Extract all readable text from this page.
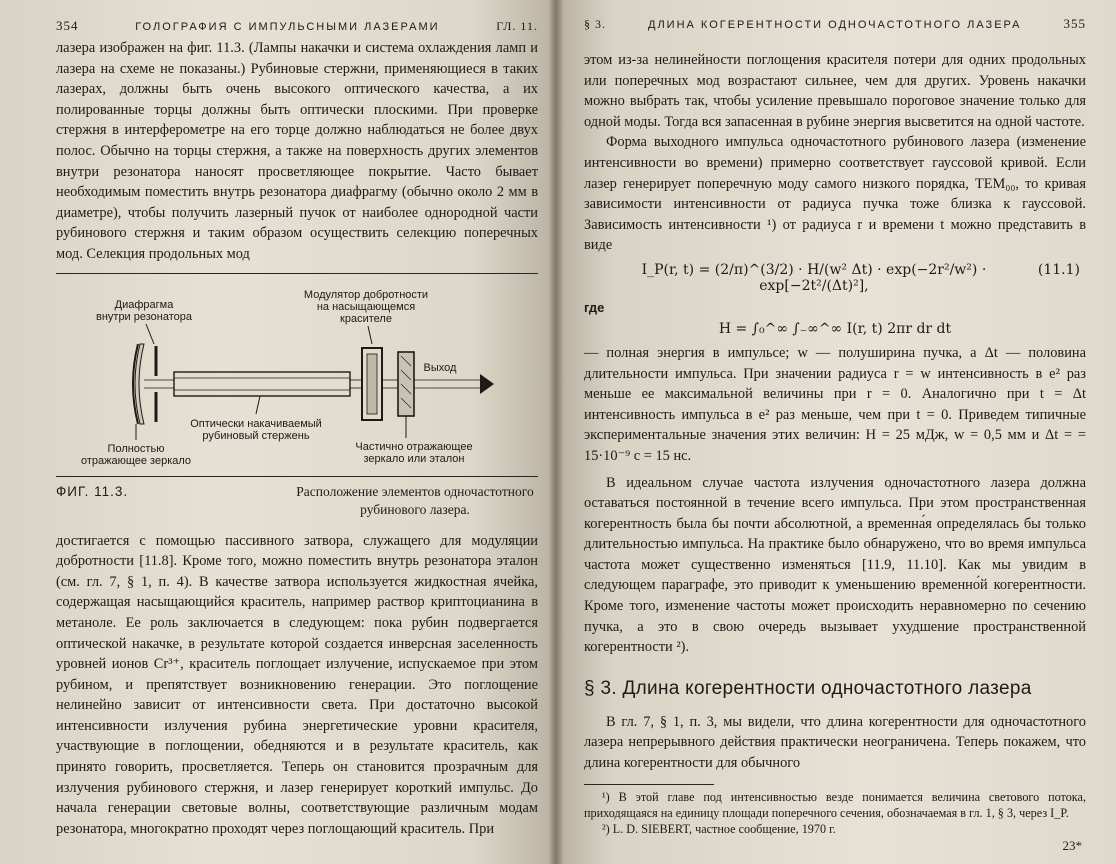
354	ГОЛОГРАФИЯ С ИМПУЛЬСНЫМИ ЛАЗЕРАМИ	ГЛ. 11.

лазера изображен на фиг. 11.3. (Лампы накачки и система охлаждения ламп и лазера на схеме не показаны.) Рубиновые стержни, применяющиеся в таких лазерах, должны быть очень высокого оптического качества, а их полированные торцы должны быть оптически плоскими. При проверке стержня в интерферометре на его торце должно наблюдаться не более двух полос. Обычно на торцы стержня, а также на поверхность других элементов внутри резонатора наносят просветляющее покрытие. Часто бывает необходимым поместить внутрь резонатора диафрагму (обычно около 2 мм в диаметре), чтобы получить лазерный пучок от наиболее однородной части рубинового стержня и таким образом осуществить селекцию поперечных мод. Селекция продольных мод

Диафрагма
внутри резонатора
Модулятор добротности
на насыщающемся
красителе
Выход
Оптически накачиваемый
рубиновый стержень
Полностью
отражающее зеркало
Частично отражающее
зеркало или эталон
ФИГ. 11.3.	Расположение элементов одночастотного рубинового лазера.

достигается с помощью пассивного затвора, служащего для модуляции добротности [11.8]. Кроме того, можно поместить внутрь резонатора эталон (см. гл. 7, § 1, п. 4). В качестве затвора используется жидкостная ячейка, содержащая насыщающийся краситель, например раствор криптоцианина в метаноле. Ее роль заключается в следующем: пока рубин подвергается оптической накачке, в результате которой создается инверсная заселенность уровней ионов Cr³⁺, краситель поглощает излучение, испускаемое при этом рубином, и препятствует возникновению генерации. Это поглощение нелинейно зависит от интенсивности света. При достаточно высокой интенсивности излучения рубина энергетические уровни красителя, участвующие в поглощении, обедняются и в результате краситель, как принято говорить, просветляется. Теперь он становится прозрачным для излучения рубинового стержня, и лазер генерирует короткий импульс. До начала генерации световые волны, соответствующие различным модам резонатора, многократно проходят через поглощающий краситель. При

§ 3.	ДЛИНА КОГЕРЕНТНОСТИ ОДНОЧАСТОТНОГО ЛАЗЕРА	355

этом из-за нелинейности поглощения красителя потери для одних продольных или поперечных мод возрастают сильнее, чем для других. Уровень накачки можно выбрать так, чтобы усиление превышало пороговое значение только для одной моды. Тогда вся запасенная в рубине энергия высветится на одной частоте.

Форма выходного импульса одночастотного рубинового лазера (изменение интенсивности во времени) примерно соответствует гауссовой кривой. Если лазер генерирует поперечную моду самого низкого порядка, TEM₀₀, то кривая зависимости интенсивности от радиуса пучка тоже близка к гауссовой. Зависимость интенсивности ¹) от радиуса r и времени t можно представить в виде

I_P(r, t) = (2/π)^(3/2) · H/(w² Δt) · exp(−2r²/w²) · exp[−2t²/(Δt)²],
(11.1)
где
H = ∫₀^∞ ∫₋∞^∞ I(r, t) 2πr dr dt

— полная энергия в импульсе; w — полуширина пучка, а Δt — половина длительности импульса. При значении радиуса r = w интенсивность в e² раз меньше ее максимальной величины при r = 0. Аналогично при t = Δt интенсивность импульса в e² раз меньше, чем при t = 0. Приведем типичные экспериментальные значения этих величин: H = 25 мДж, w = 0,5 мм и Δt = = 15·10⁻⁹ с = 15 нс.

В идеальном случае частота излучения одночастотного лазера должна оставаться постоянной в течение всего импульса. При этом пространственная когерентность была бы почти абсолютной, а временна́я определялась бы только длительностью импульса. На практике было обнаружено, что во время импульса частота может существенно изменяться [11.9, 11.10]. Как мы увидим в следующем параграфе, это приводит к уменьшению временно́й когерентности. Кроме того, изменение частоты может происходить неравномерно по сечению пучка, а это в свою очередь вызывает ухудшение пространственной когерентности ²).

§ 3. Длина когерентности одночастотного лазера

В гл. 7, § 1, п. 3, мы видели, что длина когерентности для одночастотного лазера непрерывного действия практически неограничена. Теперь покажем, что длина когерентности для обычного

¹) В этой главе под интенсивностью везде понимается величина светового потока, приходящаяся на единицу площади поперечного сечения, обозначаемая в гл. 1, § 3, через I_P.

²) L. D. SIEBERT, частное сообщение, 1970 г.

23*
